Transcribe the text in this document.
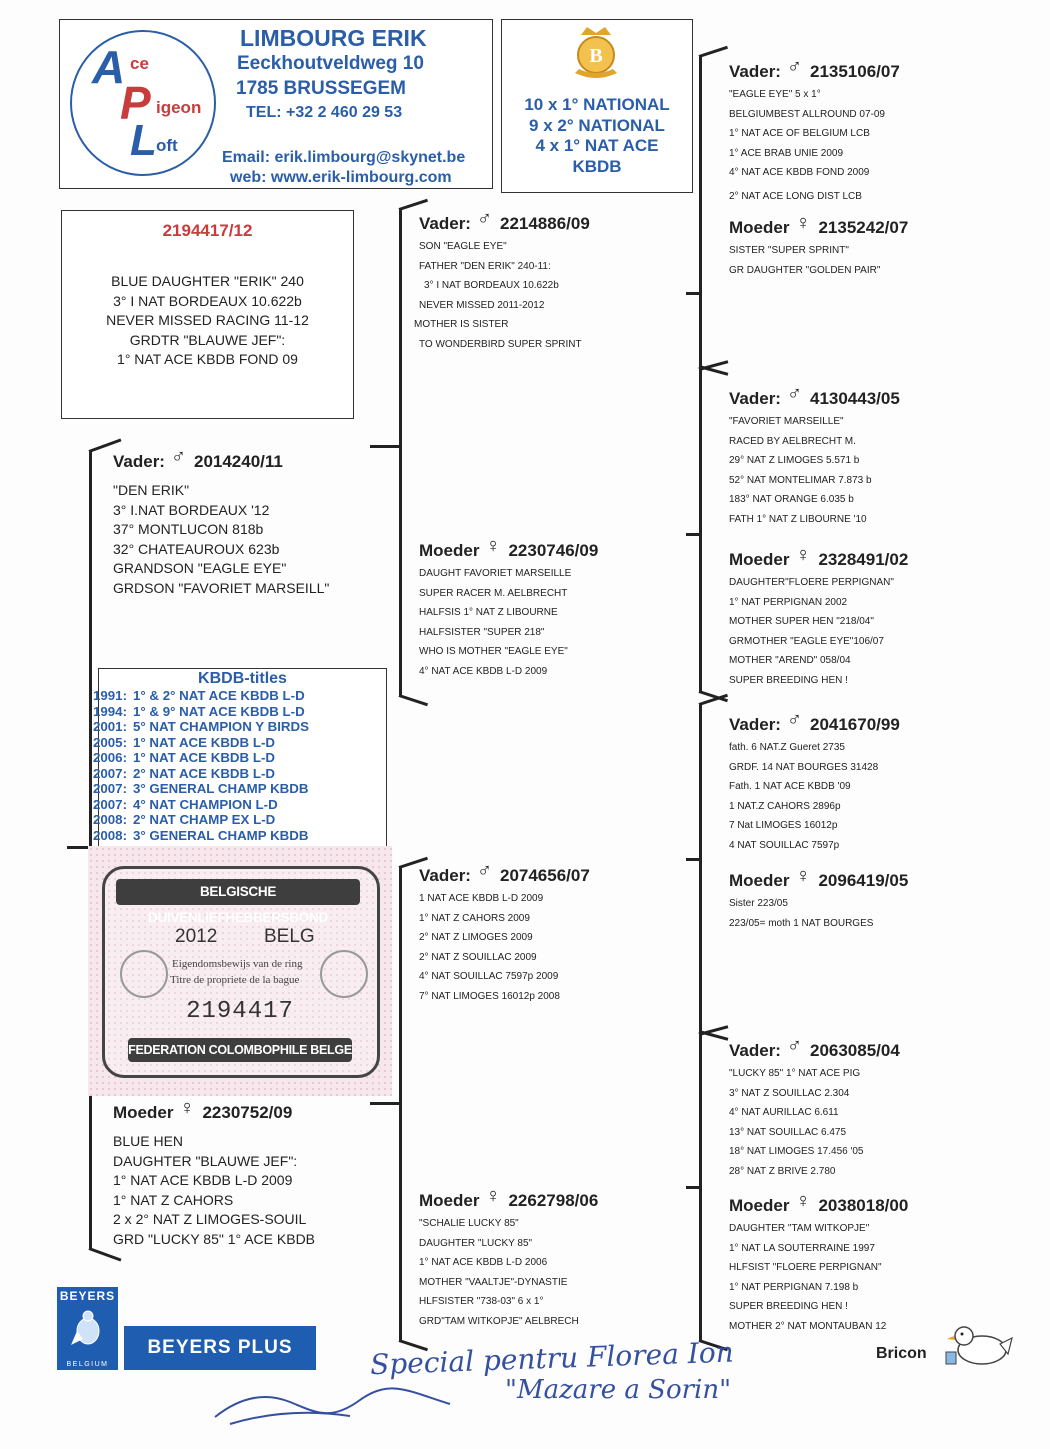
A ce
P igeon
L oft
LIMBOURG ERIK
Eeckhoutveldweg 10
1785 BRUSSEGEM
TEL: +32 2 460 29 53
Email: erik.limbourg@skynet.be
web: www.erik-limbourg.com
B
10 x 1° NATIONAL
9 x 2° NATIONAL
4 x 1° NAT ACE
KBDB
2194417/12
BLUE DAUGHTER "ERIK" 240
3° I NAT BORDEAUX 10.622b
NEVER MISSED RACING 11-12
GRDTR "BLAUWE JEF":
1° NAT ACE KBDB FOND 09
Vader: ♂ 2014240/11
"DEN ERIK"
3° I.NAT BORDEAUX '12
37° MONTLUCON 818b
32° CHATEAUROUX 623b
GRANDSON "EAGLE EYE"
GRDSON "FAVORIET MARSEILL"
KBDB-titles
1991: 1° & 2° NAT ACE KBDB L-D
1994: 1° & 9° NAT ACE KBDB L-D
2001: 5° NAT CHAMPION Y BIRDS
2005: 1° NAT ACE KBDB L-D
2006: 1° NAT ACE KBDB L-D
2007: 2° NAT ACE KBDB L-D
2007: 3° GENERAL CHAMP KBDB
2007: 4° NAT CHAMPION L-D
2008: 2° NAT CHAMP EX L-D
2008: 3° GENERAL CHAMP KBDB
BELGISCHE DUIVENLIEFHEBBERSBOND
2012 BELG
Eigendomsbewijs van de ring
Titre de propriete de la bague
2194417
FEDERATION COLOMBOPHILE BELGE
Moeder ♀ 2230752/09
BLUE HEN
DAUGHTER "BLAUWE JEF":
1° NAT ACE KBDB L-D 2009
1° NAT Z CAHORS
2 x 2° NAT Z LIMOGES-SOUIL
GRD "LUCKY 85" 1° ACE KBDB
Vader: ♂ 2214886/09
SON "EAGLE EYE"
FATHER "DEN ERIK" 240-11:
3° I NAT BORDEAUX 10.622b
NEVER MISSED 2011-2012
MOTHER IS SISTER
TO WONDERBIRD SUPER SPRINT
Moeder ♀ 2230746/09
DAUGHT FAVORIET MARSEILLE
SUPER RACER M. AELBRECHT
HALFSIS 1° NAT Z LIBOURNE
HALFSISTER "SUPER 218"
WHO IS MOTHER "EAGLE EYE"
4° NAT ACE KBDB L-D 2009
Vader: ♂ 2074656/07
1 NAT ACE KBDB L-D 2009
1° NAT Z CAHORS 2009
2° NAT Z LIMOGES 2009
2° NAT Z SOUILLAC 2009
4° NAT SOUILLAC 7597p 2009
7° NAT LIMOGES 16012p 2008
Moeder ♀ 2262798/06
"SCHALIE LUCKY 85"
DAUGHTER "LUCKY 85"
1° NAT ACE KBDB L-D 2006
MOTHER "VAALTJE"-DYNASTIE
HLFSISTER "738-03" 6 x 1°
GRD"TAM WITKOPJE" AELBRECH
Vader: ♂ 2135106/07
"EAGLE EYE" 5 x 1°
BELGIUMBEST ALLROUND 07-09
1° NAT ACE OF BELGIUM LCB
1° ACE BRAB UNIE 2009
4° NAT ACE KBDB FOND 2009
2° NAT ACE LONG DIST LCB
Moeder ♀ 2135242/07
SISTER "SUPER SPRINT"
GR DAUGHTER "GOLDEN PAIR"
Vader: ♂ 4130443/05
"FAVORIET MARSEILLE"
RACED BY AELBRECHT M.
29° NAT Z LIMOGES 5.571 b
52° NAT MONTELIMAR 7.873 b
183° NAT ORANGE 6.035 b
FATH 1° NAT Z LIBOURNE '10
Moeder ♀ 2328491/02
DAUGHTER"FLOERE PERPIGNAN"
1° NAT PERPIGNAN 2002
MOTHER SUPER HEN "218/04"
GRMOTHER "EAGLE EYE"106/07
MOTHER "AREND" 058/04
SUPER BREEDING HEN !
Vader: ♂ 2041670/99
fath. 6 NAT.Z Gueret 2735
GRDF. 14 NAT BOURGES 31428
Fath. 1 NAT ACE KBDB '09
1 NAT.Z CAHORS 2896p
7 Nat LIMOGES 16012p
4 NAT SOUILLAC 7597p
Moeder ♀ 2096419/05
Sister 223/05
223/05= moth 1 NAT BOURGES
Vader: ♂ 2063085/04
"LUCKY 85" 1° NAT ACE PIG
3° NAT Z SOUILLAC 2.304
4° NAT AURILLAC 6.611
13° NAT SOUILLAC 6.475
18° NAT LIMOGES 17.456 '05
28° NAT Z BRIVE 2.780
Moeder ♀ 2038018/00
DAUGHTER "TAM WITKOPJE"
1° NAT LA SOUTERRAINE 1997
HLFSIST "FLOERE PERPIGNAN"
1° NAT PERPIGNAN 7.198 b
SUPER BREEDING HEN !
MOTHER 2° NAT MONTAUBAN 12
BEYERS
BELGIUM
BEYERS PLUS	Special pentru Florea Ion
"Mazare a Sorin"
Bricon
